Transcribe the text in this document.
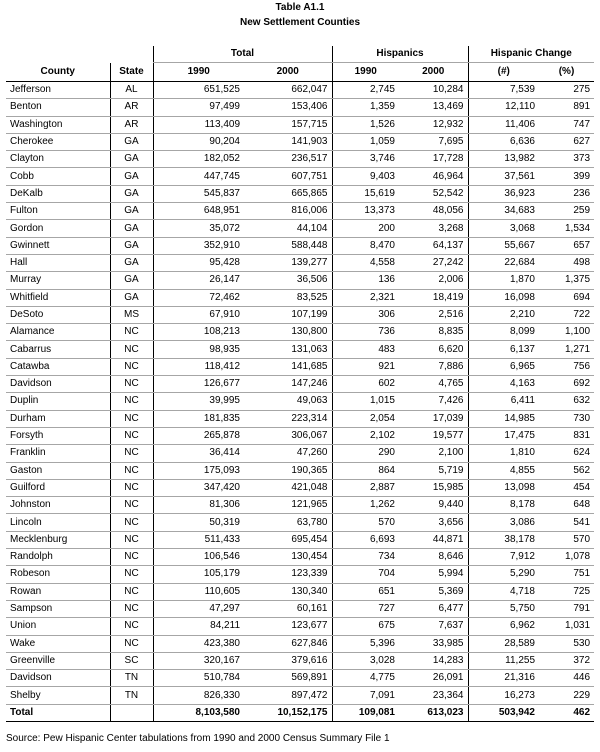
Table A1.1
New Settlement Counties
		Total		Hispanics		Hispanic Change	
County	State	1990	2000	1990	2000	(#)	(%)
Jefferson	AL	651,525	662,047	2,745	10,284	7,539	275
Benton	AR	97,499	153,406	1,359	13,469	12,110	891
Washington	AR	113,409	157,715	1,526	12,932	11,406	747
Cherokee	GA	90,204	141,903	1,059	7,695	6,636	627
Clayton	GA	182,052	236,517	3,746	17,728	13,982	373
Cobb	GA	447,745	607,751	9,403	46,964	37,561	399
DeKalb	GA	545,837	665,865	15,619	52,542	36,923	236
Fulton	GA	648,951	816,006	13,373	48,056	34,683	259
Gordon	GA	35,072	44,104	200	3,268	3,068	1,534
Gwinnett	GA	352,910	588,448	8,470	64,137	55,667	657
Hall	GA	95,428	139,277	4,558	27,242	22,684	498
Murray	GA	26,147	36,506	136	2,006	1,870	1,375
Whitfield	GA	72,462	83,525	2,321	18,419	16,098	694
DeSoto	MS	67,910	107,199	306	2,516	2,210	722
Alamance	NC	108,213	130,800	736	8,835	8,099	1,100
Cabarrus	NC	98,935	131,063	483	6,620	6,137	1,271
Catawba	NC	118,412	141,685	921	7,886	6,965	756
Davidson	NC	126,677	147,246	602	4,765	4,163	692
Duplin	NC	39,995	49,063	1,015	7,426	6,411	632
Durham	NC	181,835	223,314	2,054	17,039	14,985	730
Forsyth	NC	265,878	306,067	2,102	19,577	17,475	831
Franklin	NC	36,414	47,260	290	2,100	1,810	624
Gaston	NC	175,093	190,365	864	5,719	4,855	562
Guilford	NC	347,420	421,048	2,887	15,985	13,098	454
Johnston	NC	81,306	121,965	1,262	9,440	8,178	648
Lincoln	NC	50,319	63,780	570	3,656	3,086	541
Mecklenburg	NC	511,433	695,454	6,693	44,871	38,178	570
Randolph	NC	106,546	130,454	734	8,646	7,912	1,078
Robeson	NC	105,179	123,339	704	5,994	5,290	751
Rowan	NC	110,605	130,340	651	5,369	4,718	725
Sampson	NC	47,297	60,161	727	6,477	5,750	791
Union	NC	84,211	123,677	675	7,637	6,962	1,031
Wake	NC	423,380	627,846	5,396	33,985	28,589	530
Greenville	SC	320,167	379,616	3,028	14,283	11,255	372
Davidson	TN	510,784	569,891	4,775	26,091	21,316	446
Shelby	TN	826,330	897,472	7,091	23,364	16,273	229
Total		8,103,580	10,152,175	109,081	613,023	503,942	462
Source: Pew Hispanic Center tabulations from 1990 and 2000 Census Summary File 1
